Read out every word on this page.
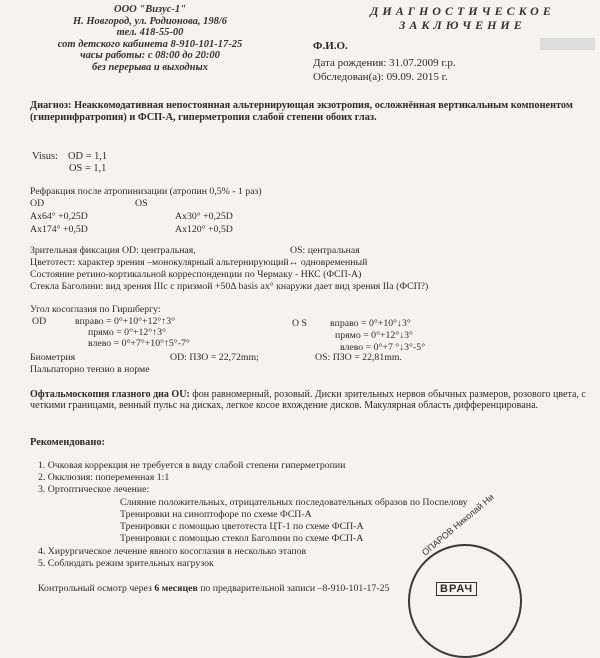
ООО "Визус-1"
Н. Новгород, ул. Родионова, 198/6
тел. 418-55-00
сот детского кабинета 8-910-101-17-25
часы работы: с 08:00 до 20:00
без перерыва и выходных
ДИАГНОСТИЧЕСКОЕ
ЗАКЛЮЧЕНИЕ
Ф.И.О.
Дата рождения: 31.07.2009 г.р.
Обследован(а): 09.09. 2015 г.
Диагноз: Неаккомодативная непостоянная альтернирующая экзотропия, осложнённая вертикальным компонентом (гиперинфратропия) и ФСП-А, гиперметропия слабой степени обоих глаз.
Visus: OD = 1,1
OS = 1,1
Рефракция после атропинизации (атропин 0,5% - 1 раз)
OD	OS
Ax64° +0,25D	Ax30° +0,25D
Ax174° +0,5D	Ax120° +0,5D
Зрительная фиксация OD: центральная,	OS: центральная
Цветотест: характер зрения –монокулярный альтернирующий↔ одновременный
Состояние ретино-кортикальной корреспонденции по Чермаку - НКС (ФСП-А)
Стекла Баголини: вид зрения IIIс с призмой +50Δ basis ax° кнаружи дает вид зрения IIа (ФСП?)
Угол косоглазия по Гиршбергу:
OD	вправо = 0°+10°+12°↑3°
прямо = 0°+12°↑3°
влево = 0°+7°+10°↑5°-7°
O S вправо = 0°+10°↓3°
прямо = 0°+12°↓3°
влево = 0°+7 °↓3°-5°
Биометрия	OD: ПЗО = 22,72mm;	OS: ПЗО = 22,81mm.
Пальпаторно тензио в норме
Офтальмоскопия глазного дна OU: фон равномерный, розовый. Диски зрительных нервов обычных размеров, розового цвета, с четкими границами, венный пульс на дисках, легкое косое вхождение дисков. Макулярная область дифференцирована.
Рекомендовано:
1. Очковая коррекция не требуется в виду слабой степени гиперметропии
2. Окклюзия: попеременная 1:1
3. Ортоптическое лечение:
Слияние положительных, отрицательных последовательных образов по Поспелову
Тренировки на синоптофоре по схеме ФСП-А
Тренировки с помощью цветотеста ЦТ-1 по схеме ФСП-А
Тренировки с помощью стекол Баголини по схеме ФСП-А
4. Хирургическое лечение явного косоглазия в несколько этапов
5. Соблюдать режим зрительных нагрузок
Контрольный осмотр через 6 месяцев по предварительной записи –8-910-101-17-25
ОПАРОВ Николай Ни
ВРАЧ
